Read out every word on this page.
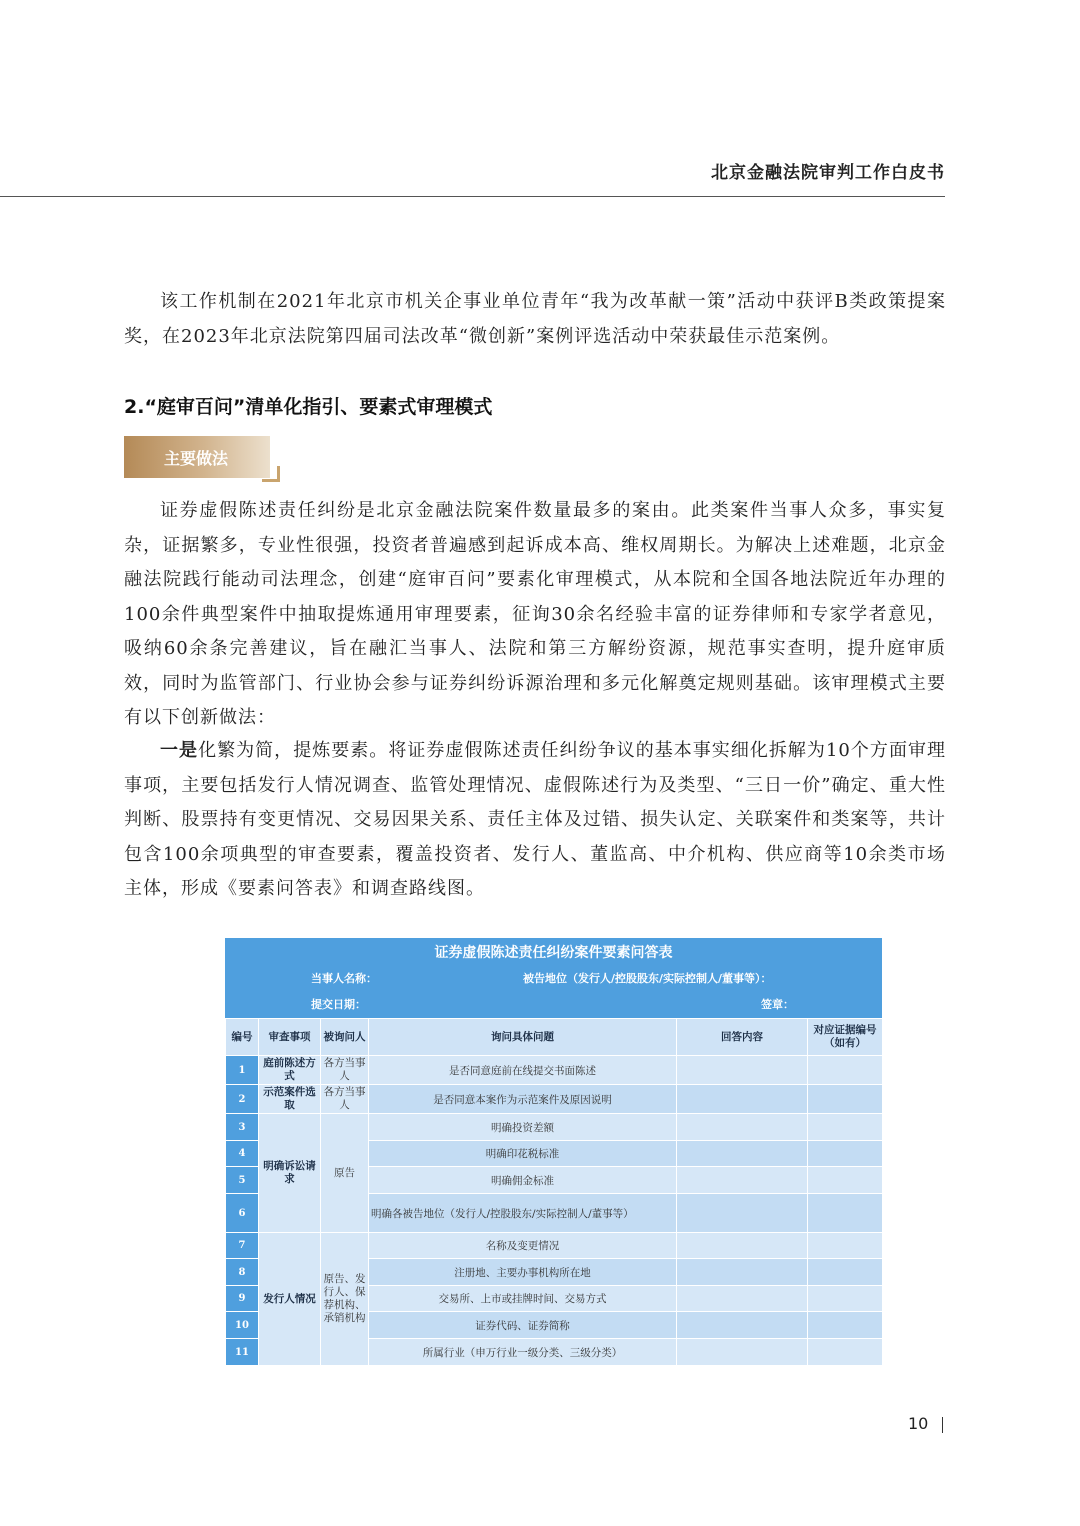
北京金融法院审判工作白皮书

该工作机制在2021年北京市机关企事业单位青年“我为改革献一策”活动中获评B类政策提案奖，在2023年北京法院第四届司法改革“微创新”案例评选活动中荣获最佳示范案例。

2.“庭审百问”清单化指引、要素式审理模式
主要做法

证券虚假陈述责任纠纷是北京金融法院案件数量最多的案由。此类案件当事人众多，事实复杂，证据繁多，专业性很强，投资者普遍感到起诉成本高、维权周期长。为解决上述难题，北京金融法院践行能动司法理念，创建“庭审百问”要素化审理模式，从本院和全国各地法院近年办理的100余件典型案件中抽取提炼通用审理要素，征询30余名经验丰富的证券律师和专家学者意见，吸纳60余条完善建议，旨在融汇当事人、法院和第三方解纷资源，规范事实查明，提升庭审质效，同时为监管部门、行业协会参与证券纠纷诉源治理和多元化解奠定规则基础。该审理模式主要有以下创新做法：

一是化繁为简，提炼要素。将证券虚假陈述责任纠纷争议的基本事实细化拆解为10个方面审理事项，主要包括发行人情况调查、监管处理情况、虚假陈述行为及类型、“三日一价”确定、重大性判断、股票持有变更情况、交易因果关系、责任主体及过错、损失认定、关联案件和类案等，共计包含100余项典型的审查要素，覆盖投资者、发行人、董监高、中介机构、供应商等10余类市场主体，形成《要素问答表》和调查路线图。

证券虚假陈述责任纠纷案件要素问答表
当事人名称：	被告地位（发行人/控股股东/实际控制人/董事等）：
提交日期：	签章：
编号	审查事项	被询问人	询问具体问题	回答内容	对应证据编号（如有）
1	庭前陈述方式	各方当事人	是否同意庭前在线提交书面陈述		
2	示范案件选取	各方当事人	是否同意本案作为示范案件及原因说明		
3	明确诉讼请求	原告	明确投资差额		
4			明确印花税标准		
5			明确佣金标准		
6			明确各被告地位（发行人/控股股东/实际控制人/董事等）		
7	发行人情况	原告、发行人、保荐机构、承销机构	名称及变更情况		
8			注册地、主要办事机构所在地		
9			交易所、上市或挂牌时间、交易方式		
10			证券代码、证券简称		
11			所属行业（申万行业一级分类、三级分类）		
10
